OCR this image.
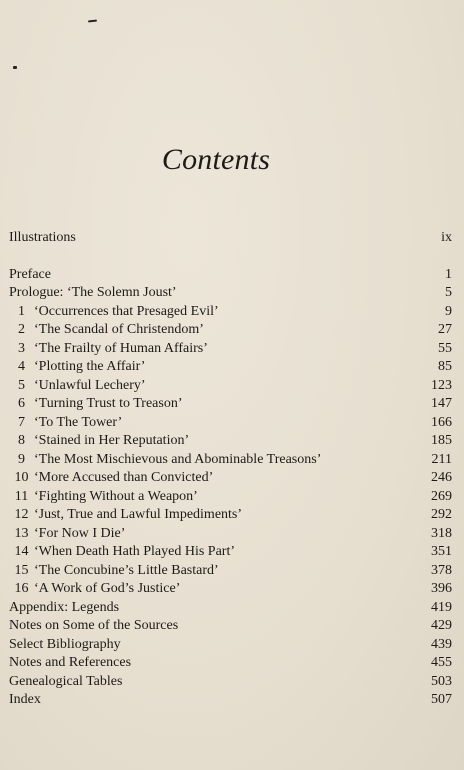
Contents
Illustrations	ix
Preface	1
Prologue: ‘The Solemn Joust’	5
1 ‘Occurrences that Presaged Evil’	9
2 ‘The Scandal of Christendom’	27
3 ‘The Frailty of Human Affairs’	55
4 ‘Plotting the Affair’	85
5 ‘Unlawful Lechery’	123
6 ‘Turning Trust to Treason’	147
7 ‘To The Tower’	166
8 ‘Stained in Her Reputation’	185
9 ‘The Most Mischievous and Abominable Treasons’	211
10 ‘More Accused than Convicted’	246
11 ‘Fighting Without a Weapon’	269
12 ‘Just, True and Lawful Impediments’	292
13 ‘For Now I Die’	318
14 ‘When Death Hath Played His Part’	351
15 ‘The Concubine’s Little Bastard’	378
16 ‘A Work of God’s Justice’	396
Appendix: Legends	419
Notes on Some of the Sources	429
Select Bibliography	439
Notes and References	455
Genealogical Tables	503
Index	507
